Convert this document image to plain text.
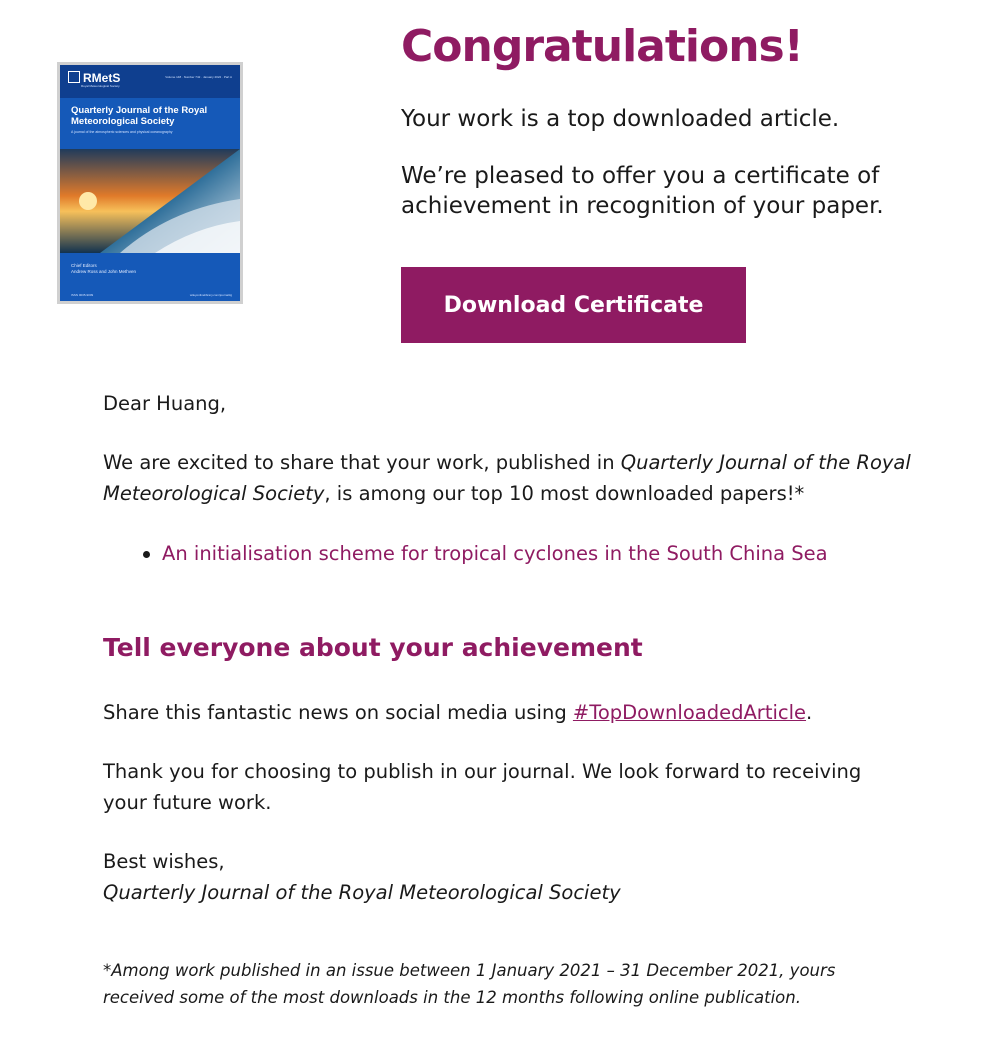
RMetS
Royal Meteorological Society
Volume 148 · Number 742 · January 2022 · Part A
Quarterly Journal of the Royal Meteorological Society
A journal of the atmospheric sciences and physical oceanography
Chief Editors
Andrew Ross and John Methven
ISSN 0035-9009	wileyonlinelibrary.com/journal/qj
Congratulations!

Your work is a top downloaded article.

We’re pleased to offer you a certificate of achievement in recognition of your paper.

Download Certificate

Dear Huang,

We are excited to share that your work, published in Quarterly Journal of the Royal Meteorological Society, is among our top 10 most downloaded papers!*

An initialisation scheme for tropical cyclones in the South China Sea
Tell everyone about your achievement

Share this fantastic news on social media using #TopDownloadedArticle.

Thank you for choosing to publish in our journal. We look forward to receiving your future work.

Best wishes,
Quarterly Journal of the Royal Meteorological Society

*Among work published in an issue between 1 January 2021 – 31 December 2021, yours received some of the most downloads in the 12 months following online publication.
